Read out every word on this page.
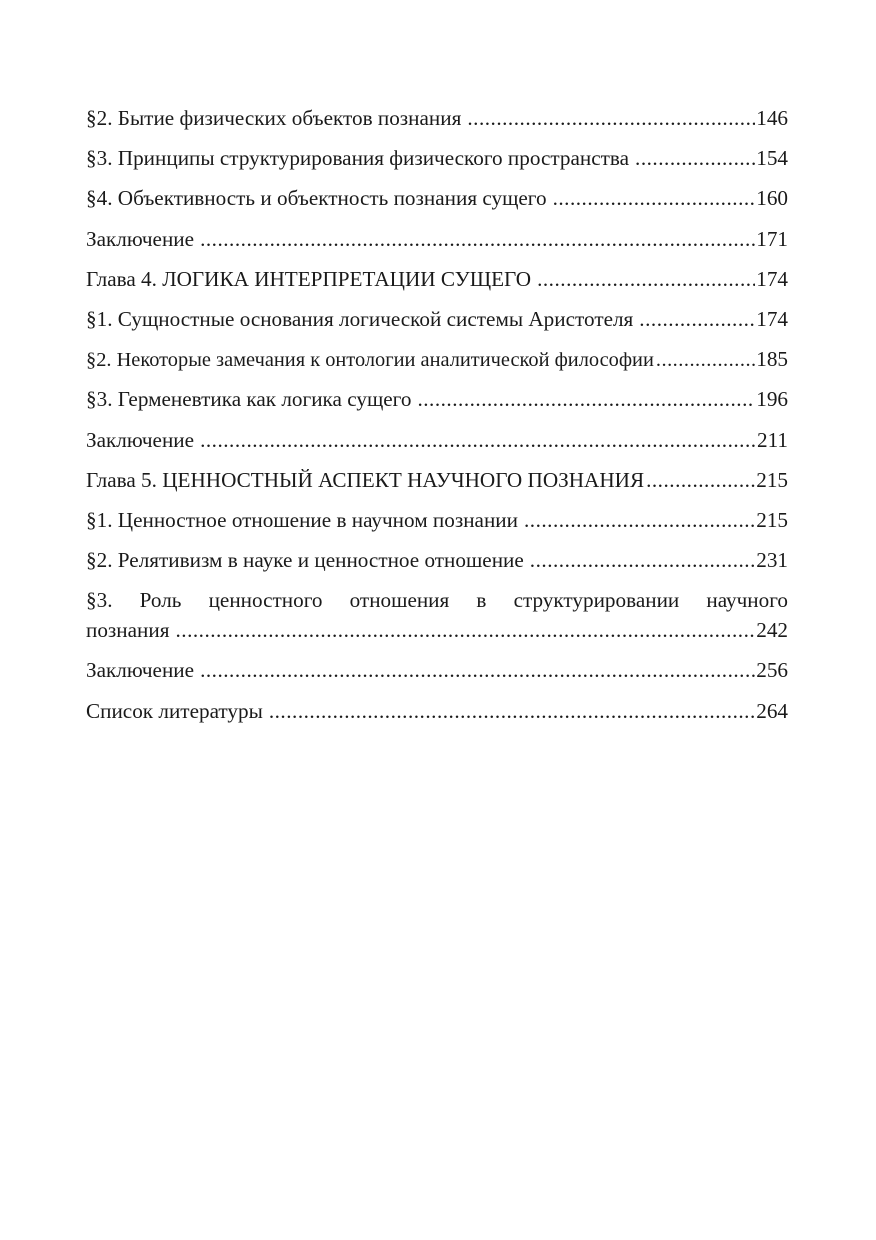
§2. Бытие физических объектов познания .....	146
§3. Принципы структурирования физического пространства .....	154
§4. Объективность и объектность познания сущего .....	160
Заключение .....	171
Глава 4. ЛОГИКА ИНТЕРПРЕТАЦИИ СУЩЕГО .....	174
§1. Сущностные основания логической системы Аристотеля .....	174
§2. Некоторые замечания к онтологии аналитической философии .....	185
§3. Герменевтика как логика сущего .....	196
Заключение .....	211
Глава 5. ЦЕННОСТНЫЙ АСПЕКТ НАУЧНОГО ПОЗНАНИЯ .....	215
§1. Ценностное отношение в научном познании .....	215
§2. Релятивизм в науке и ценностное отношение .....	231
§3. Роль ценностного отношения в структурировании научного
познания .....	242
Заключение .....	256
Список литературы .....	264
